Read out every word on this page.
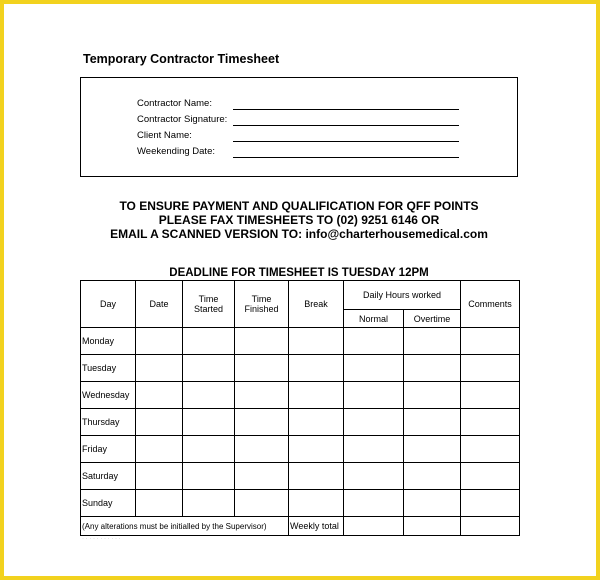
Temporary Contractor Timesheet
Contractor Name:
Contractor Signature:
Client Name:
Weekending Date:
TO ENSURE PAYMENT AND QUALIFICATION FOR QFF POINTS
PLEASE FAX TIMESHEETS TO (02) 9251 6146 OR
EMAIL A SCANNED VERSION TO: info@charterhousemedical.com
DEADLINE FOR TIMESHEET IS TUESDAY 12PM
Day	Date	Time Started	Time Finished	Break	Daily Hours worked		Comments
					Normal	Overtime	
Monday							
Tuesday							
Wednesday							
Thursday							
Friday							
Saturday							
Sunday							
(Any alterations must be initialled by the Supervisor)				Weekly total			
· · · · · · · · · · ·
